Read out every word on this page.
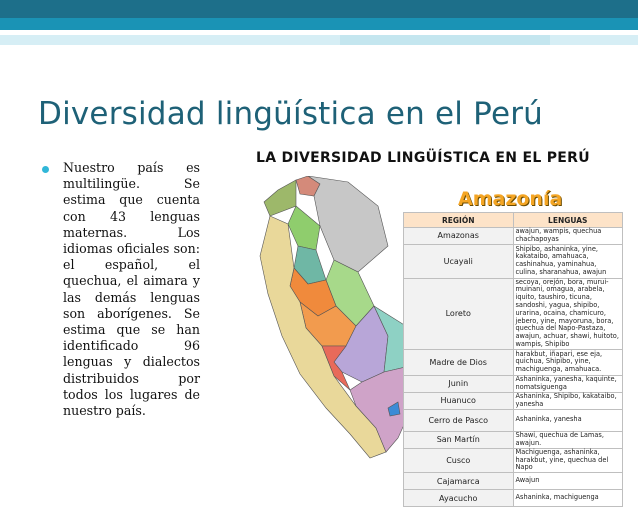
Diversidad lingüística en el Perú
Nuestro país es multilingüe. Se estima que cuenta con 43 lenguas maternas. Los idiomas oficiales son: el español, el quechua, el aimara y las demás lenguas son aborígenes. Se estima que se han identificado 96 lenguas y dialectos distribuidos por todos los lugares de nuestro país.
LA DIVERSIDAD LINGÜÍSTICA EN EL PERÚ
Amazonía
REGIÓN	LENGUAS
Amazonas	awajun, wampis, quechua chachapoyas
Ucayali	Shipibo, ashaninka, yine, kakataibo, amahuaca, cashinahua, yaminahua, culina, sharanahua, awajun
Loreto	secoya, orejón, bora, murui-muinani, omagua, arabela, iquito, taushiro, ticuna, sandoshi, yagua, shipibo, urarina, ocaina, chamicuro, jebero, yine, mayoruna, bora, quechua del Napo-Pastaza, awajun, achuar, shawi, huitoto, wampis, Shipibo
Madre de Dios	harakbut, iñapari, ese eja, quichua, Shipibo, yine, machiguenga, amahuaca.
Junin	Ashaninka, yanesha, kaquinte, nomatsiguenga
Huanuco	Ashaninka, Shipibo, kakataibo, yanesha
Cerro de Pasco	Ashaninka, yanesha
San Martín	Shawi, quechua de Lamas, awajun.
Cusco	Machiguenga, ashaninka, harakbut, yine, quechua del Napo
Cajamarca	Awajun
Ayacucho	Ashaninka, machiguenga
